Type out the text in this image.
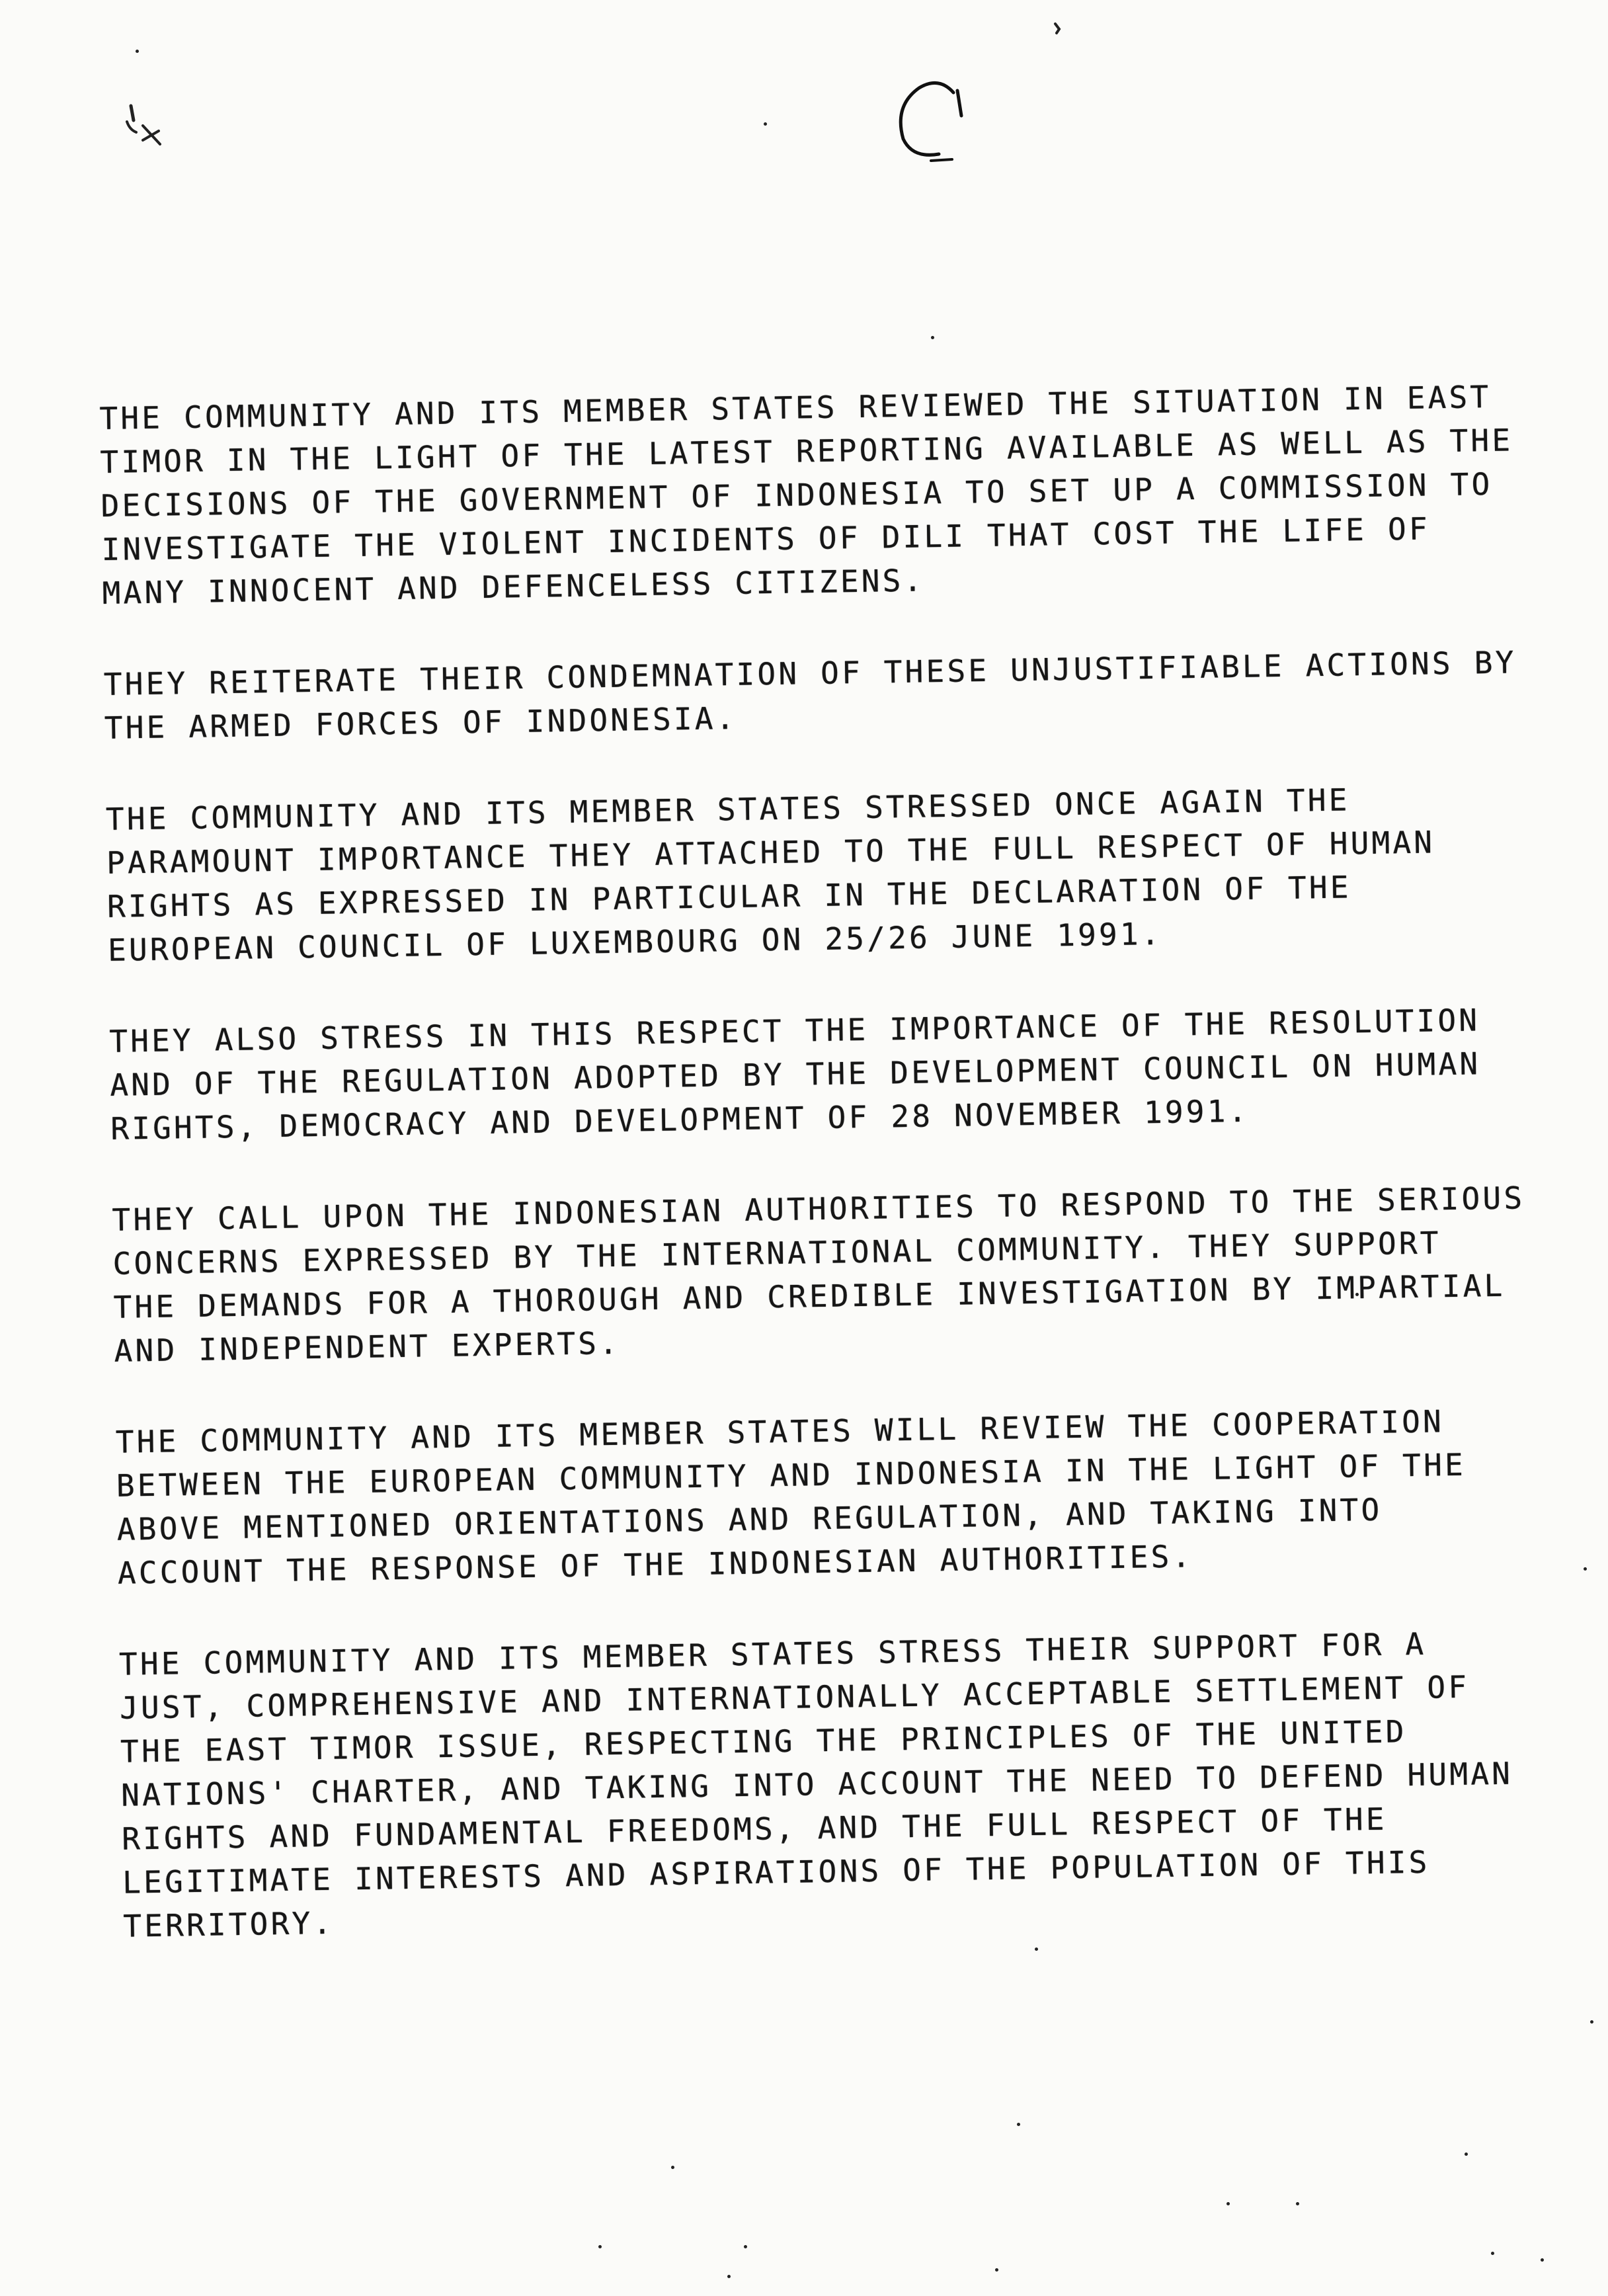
THE COMMUNITY AND ITS MEMBER STATES REVIEWED THE SITUATION IN EAST
TIMOR IN THE LIGHT OF THE LATEST REPORTING AVAILABLE AS WELL AS THE
DECISIONS OF THE GOVERNMENT OF INDONESIA TO SET UP A COMMISSION TO
INVESTIGATE THE VIOLENT INCIDENTS OF DILI THAT COST THE LIFE OF
MANY INNOCENT AND DEFENCELESS CITIZENS.

THEY REITERATE THEIR CONDEMNATION OF THESE UNJUSTIFIABLE ACTIONS BY
THE ARMED FORCES OF INDONESIA.

THE COMMUNITY AND ITS MEMBER STATES STRESSED ONCE AGAIN THE
PARAMOUNT IMPORTANCE THEY ATTACHED TO THE FULL RESPECT OF HUMAN
RIGHTS AS EXPRESSED IN PARTICULAR IN THE DECLARATION OF THE
EUROPEAN COUNCIL OF LUXEMBOURG ON 25/26 JUNE 1991.

THEY ALSO STRESS IN THIS RESPECT THE IMPORTANCE OF THE RESOLUTION
AND OF THE REGULATION ADOPTED BY THE DEVELOPMENT COUNCIL ON HUMAN
RIGHTS, DEMOCRACY AND DEVELOPMENT OF 28 NOVEMBER 1991.

THEY CALL UPON THE INDONESIAN AUTHORITIES TO RESPOND TO THE SERIOUS
CONCERNS EXPRESSED BY THE INTERNATIONAL COMMUNITY. THEY SUPPORT
THE DEMANDS FOR A THOROUGH AND CREDIBLE INVESTIGATION BY IMPARTIAL
AND INDEPENDENT EXPERTS.

THE COMMUNITY AND ITS MEMBER STATES WILL REVIEW THE COOPERATION
BETWEEN THE EUROPEAN COMMUNITY AND INDONESIA IN THE LIGHT OF THE
ABOVE MENTIONED ORIENTATIONS AND REGULATION, AND TAKING INTO
ACCOUNT THE RESPONSE OF THE INDONESIAN AUTHORITIES.

THE COMMUNITY AND ITS MEMBER STATES STRESS THEIR SUPPORT FOR A
JUST, COMPREHENSIVE AND INTERNATIONALLY ACCEPTABLE SETTLEMENT OF
THE EAST TIMOR ISSUE, RESPECTING THE PRINCIPLES OF THE UNITED
NATIONS' CHARTER, AND TAKING INTO ACCOUNT THE NEED TO DEFEND HUMAN
RIGHTS AND FUNDAMENTAL FREEDOMS, AND THE FULL RESPECT OF THE
LEGITIMATE INTERESTS AND ASPIRATIONS OF THE POPULATION OF THIS
TERRITORY.
